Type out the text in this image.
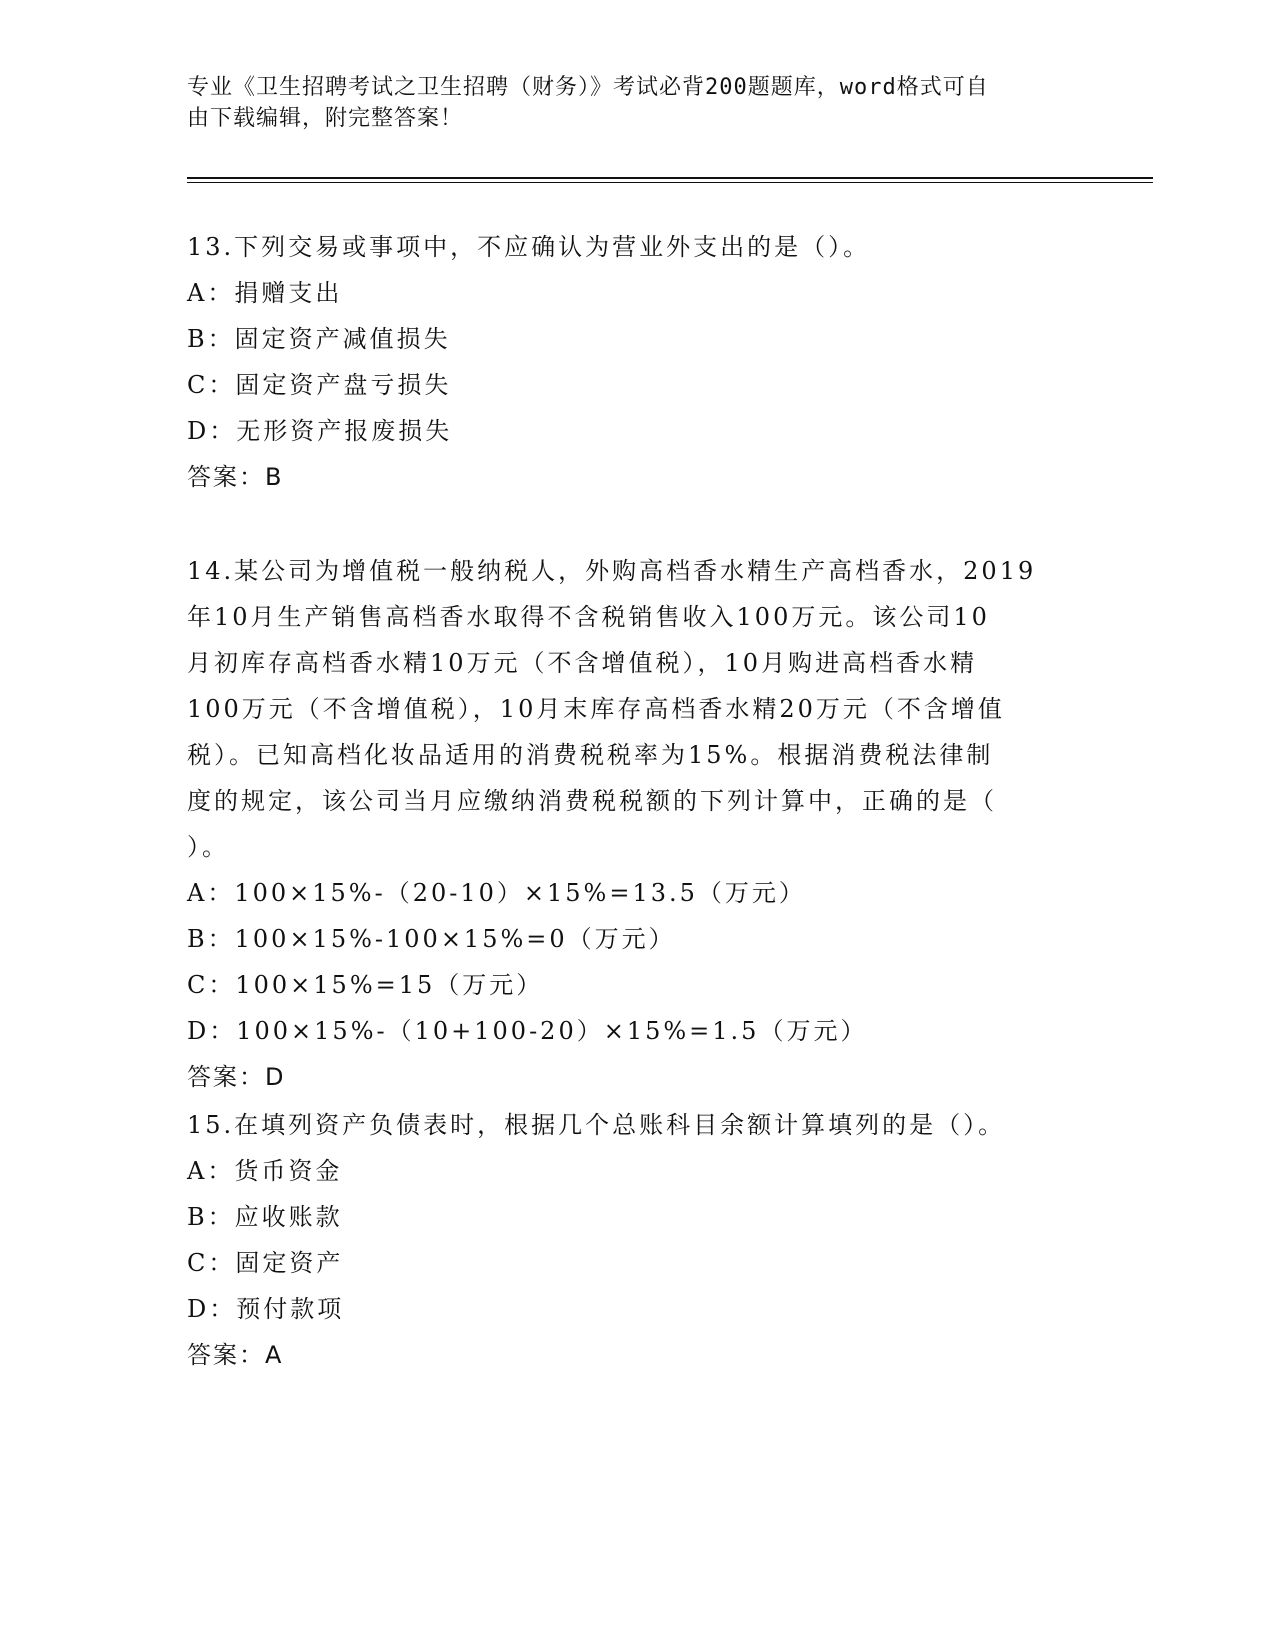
专业《卫生招聘考试之卫生招聘（财务）》考试必背200题题库，word格式可自
由下载编辑，附完整答案！

13.下列交易或事项中，不应确认为营业外支出的是（）。

A：捐赠支出

B：固定资产减值损失

C：固定资产盘亏损失

D：无形资产报废损失

答案：B

14.某公司为增值税一般纳税人，外购高档香水精生产高档香水，2019

年10月生产销售高档香水取得不含税销售收入100万元。该公司10

月初库存高档香水精10万元（不含增值税），10月购进高档香水精

100万元（不含增值税），10月末库存高档香水精20万元（不含增值

税）。已知高档化妆品适用的消费税税率为15%。根据消费税法律制

度的规定，该公司当月应缴纳消费税税额的下列计算中，正确的是（

）。

A：100×15%-（20-10）×15%=13.5（万元）

B：100×15%-100×15%=0（万元）

C：100×15%=15（万元）

D：100×15%-（10+100-20）×15%=1.5（万元）

答案：D

15.在填列资产负债表时，根据几个总账科目余额计算填列的是（）。

A：货币资金

B：应收账款

C：固定资产

D：预付款项

答案：A
